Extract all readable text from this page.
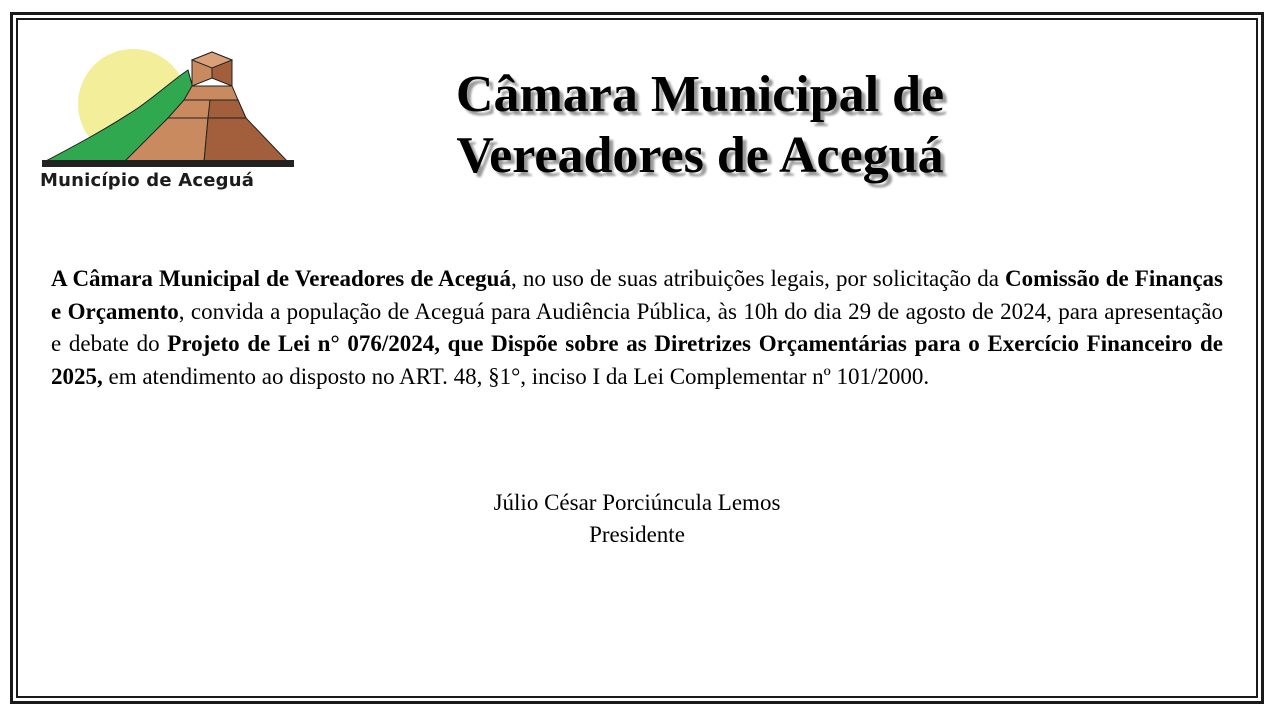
Município de Aceguá
Câmara Municipal de
Vereadores de Aceguá

A Câmara Municipal de Vereadores de Aceguá, no uso de suas atribuições legais, por solicitação da Comissão de Finanças e Orçamento, convida a população de Aceguá para Audiência Pública, às 10h do dia 29 de agosto de 2024, para apresentação e debate do Projeto de Lei n° 076/2024, que Dispõe sobre as Diretrizes Orçamentárias para o Exercício Financeiro de 2025, em atendimento ao disposto no ART. 48, §1°, inciso I da Lei Complementar nº 101/2000.

Júlio César Porciúncula Lemos
Presidente
